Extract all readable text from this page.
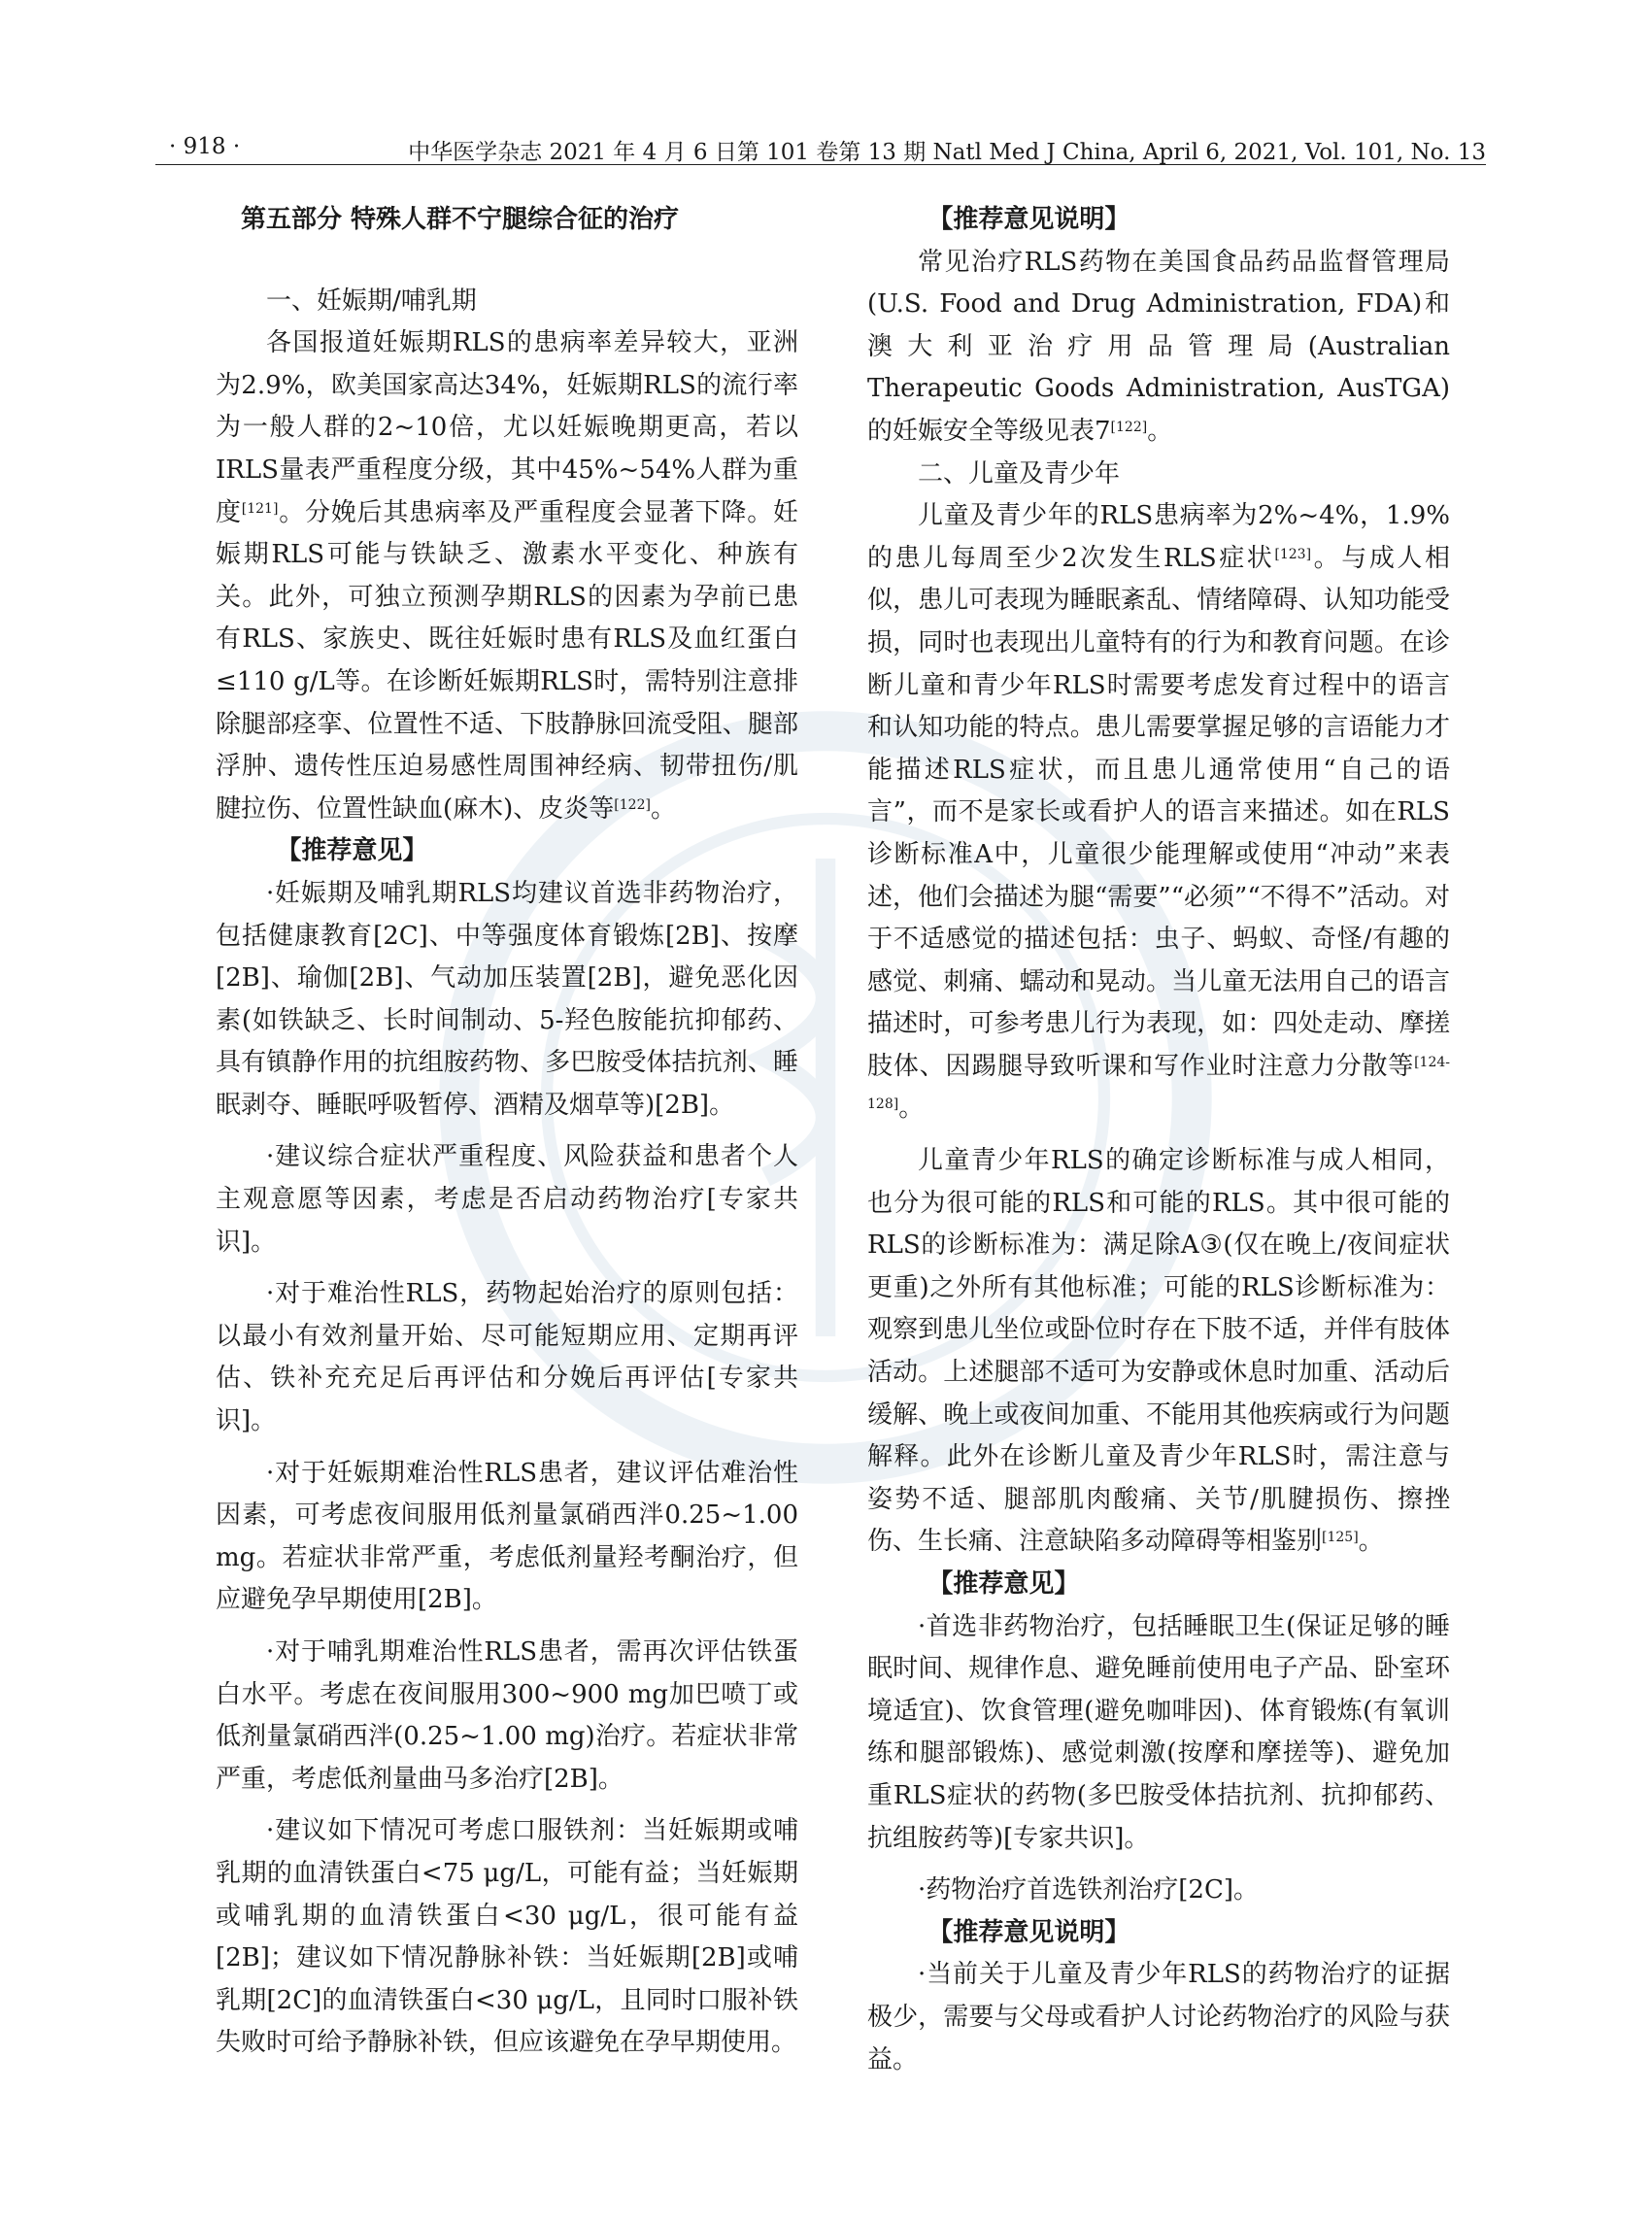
· 918 ·	中华医学杂志 2021 年 4 月 6 日第 101 卷第 13 期 Natl Med J China, April 6, 2021, Vol. 101, No. 13
第五部分 特殊人群不宁腿综合征的治疗

一、妊娠期/哺乳期

各国报道妊娠期RLS的患病率差异较大，亚洲为2.9%，欧美国家高达34%，妊娠期RLS的流行率为一般人群的2~10倍，尤以妊娠晚期更高，若以IRLS量表严重程度分级，其中45%~54%人群为重度[121]。分娩后其患病率及严重程度会显著下降。妊娠期RLS可能与铁缺乏、激素水平变化、种族有关。此外，可独立预测孕期RLS的因素为孕前已患有RLS、家族史、既往妊娠时患有RLS及血红蛋白≤110 g/L等。在诊断妊娠期RLS时，需特别注意排除腿部痉挛、位置性不适、下肢静脉回流受阻、腿部浮肿、遗传性压迫易感性周围神经病、韧带扭伤/肌腱拉伤、位置性缺血(麻木)、皮炎等[122]。

【推荐意见】

·妊娠期及哺乳期RLS均建议首选非药物治疗，包括健康教育[2C]、中等强度体育锻炼[2B]、按摩[2B]、瑜伽[2B]、气动加压装置[2B]，避免恶化因素(如铁缺乏、长时间制动、5-羟色胺能抗抑郁药、具有镇静作用的抗组胺药物、多巴胺受体拮抗剂、睡眠剥夺、睡眠呼吸暂停、酒精及烟草等)[2B]。

·建议综合症状严重程度、风险获益和患者个人主观意愿等因素，考虑是否启动药物治疗[专家共识]。

·对于难治性RLS，药物起始治疗的原则包括：以最小有效剂量开始、尽可能短期应用、定期再评估、铁补充充足后再评估和分娩后再评估[专家共识]。

·对于妊娠期难治性RLS患者，建议评估难治性因素，可考虑夜间服用低剂量氯硝西泮0.25~1.00 mg。若症状非常严重，考虑低剂量羟考酮治疗，但应避免孕早期使用[2B]。

·对于哺乳期难治性RLS患者，需再次评估铁蛋白水平。考虑在夜间服用300~900 mg加巴喷丁或低剂量氯硝西泮(0.25~1.00 mg)治疗。若症状非常严重，考虑低剂量曲马多治疗[2B]。

·建议如下情况可考虑口服铁剂：当妊娠期或哺乳期的血清铁蛋白<75 μg/L，可能有益；当妊娠期或哺乳期的血清铁蛋白<30 μg/L，很可能有益[2B]；建议如下情况静脉补铁：当妊娠期[2B]或哺乳期[2C]的血清铁蛋白<30 μg/L，且同时口服补铁失败时可给予静脉补铁，但应该避免在孕早期使用。

【推荐意见说明】

常见治疗RLS药物在美国食品药品监督管理局(U.S. Food and Drug Administration, FDA)和澳大利亚治疗用品管理局(Australian Therapeutic Goods Administration, AusTGA)的妊娠安全等级见表7[122]。

二、儿童及青少年

儿童及青少年的RLS患病率为2%~4%，1.9%的患儿每周至少2次发生RLS症状[123]。与成人相似，患儿可表现为睡眠紊乱、情绪障碍、认知功能受损，同时也表现出儿童特有的行为和教育问题。在诊断儿童和青少年RLS时需要考虑发育过程中的语言和认知功能的特点。患儿需要掌握足够的言语能力才能描述RLS症状，而且患儿通常使用“自己的语言”，而不是家长或看护人的语言来描述。如在RLS诊断标准A中，儿童很少能理解或使用“冲动”来表述，他们会描述为腿“需要”“必须”“不得不”活动。对于不适感觉的描述包括：虫子、蚂蚁、奇怪/有趣的感觉、刺痛、蠕动和晃动。当儿童无法用自己的语言描述时，可参考患儿行为表现，如：四处走动、摩搓肢体、因踢腿导致听课和写作业时注意力分散等[124-128]。

儿童青少年RLS的确定诊断标准与成人相同，也分为很可能的RLS和可能的RLS。其中很可能的RLS的诊断标准为：满足除A③(仅在晚上/夜间症状更重)之外所有其他标准；可能的RLS诊断标准为：观察到患儿坐位或卧位时存在下肢不适，并伴有肢体活动。上述腿部不适可为安静或休息时加重、活动后缓解、晚上或夜间加重、不能用其他疾病或行为问题解释。此外在诊断儿童及青少年RLS时，需注意与姿势不适、腿部肌肉酸痛、关节/肌腱损伤、擦挫伤、生长痛、注意缺陷多动障碍等相鉴别[125]。

【推荐意见】

·首选非药物治疗，包括睡眠卫生(保证足够的睡眠时间、规律作息、避免睡前使用电子产品、卧室环境适宜)、饮食管理(避免咖啡因)、体育锻炼(有氧训练和腿部锻炼)、感觉刺激(按摩和摩搓等)、避免加重RLS症状的药物(多巴胺受体拮抗剂、抗抑郁药、抗组胺药等)[专家共识]。

·药物治疗首选铁剂治疗[2C]。

【推荐意见说明】

·当前关于儿童及青少年RLS的药物治疗的证据极少，需要与父母或看护人讨论药物治疗的风险与获益。
